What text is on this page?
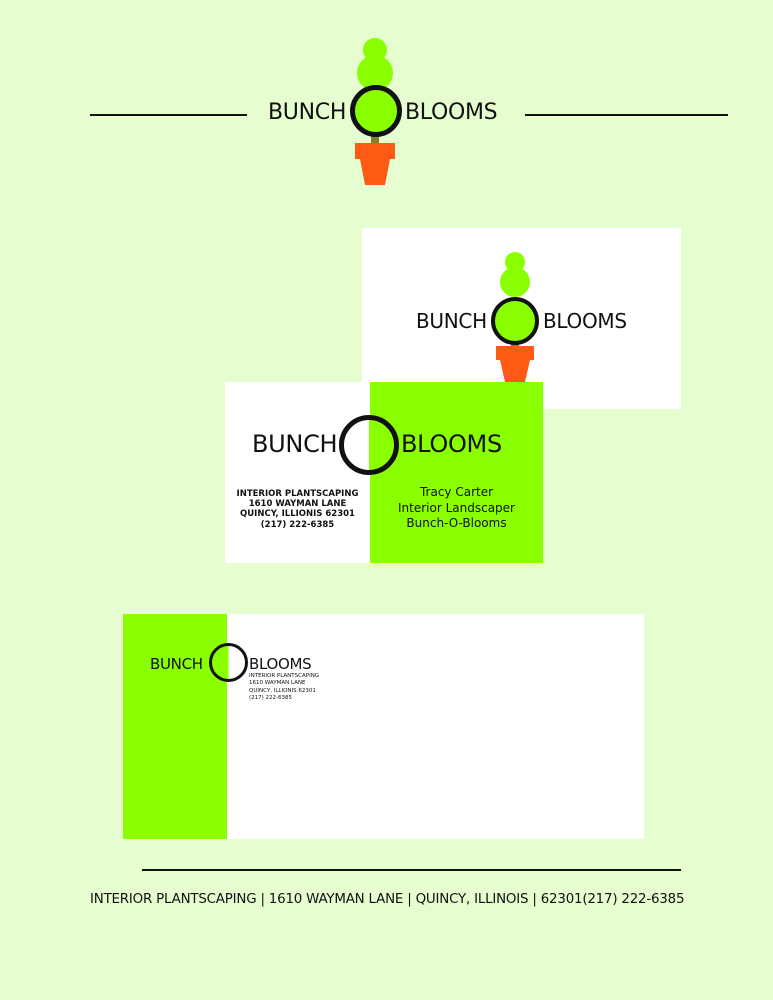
BUNCH	BLOOMS
BUNCH	BLOOMS
BUNCH	BLOOMS
INTERIOR PLANTSCAPING
1610 WAYMAN LANE
QUINCY, ILLIONIS 62301
(217) 222-6385
Tracy Carter
Interior Landscaper
Bunch-O-Blooms
BUNCH	BLOOMS
INTERIOR PLANTSCAPING
1610 WAYMAN LANE
QUINCY, ILLIONIS 62301
(217) 222-6385
INTERIOR PLANTSCAPING | 1610 WAYMAN LANE | QUINCY, ILLINOIS | 62301(217) 222-6385
